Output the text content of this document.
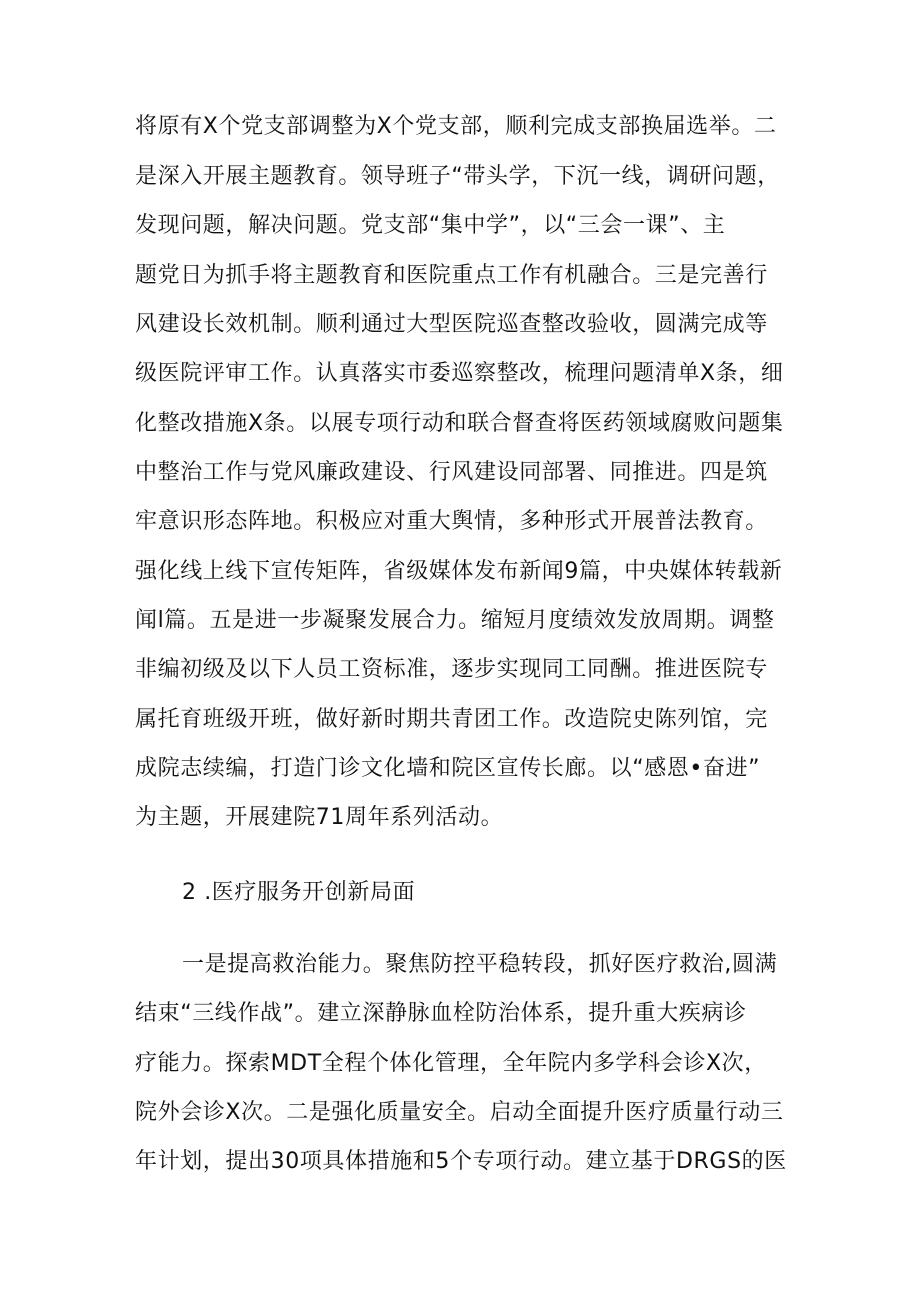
将原有X个党支部调整为X个党支部，顺利完成支部换届选举。二
是深入开展主题教育。领导班子“带头学，下沉一线，调研问题，
发现问题，解决问题。党支部“集中学”，以“三会一课”、主
题党日为抓手将主题教育和医院重点工作有机融合。三是完善行
风建设长效机制。顺利通过大型医院巡查整改验收，圆满完成等
级医院评审工作。认真落实市委巡察整改，梳理问题清单X条，细
化整改措施X条。以展专项行动和联合督查将医药领域腐败问题集
中整治工作与党风廉政建设、行风建设同部署、同推进。四是筑
牢意识形态阵地。积极应对重大舆情，多种形式开展普法教育。
强化线上线下宣传矩阵，省级媒体发布新闻9篇，中央媒体转载新
闻l篇。五是进一步凝聚发展合力。缩短月度绩效发放周期。调整
非编初级及以下人员工资标准，逐步实现同工同酬。推进医院专
属托育班级开班，做好新时期共青团工作。改造院史陈列馆，完
成院志续编，打造门诊文化墙和院区宣传长廊。以“感恩•奋进”
为主题，开展建院71周年系列活动。
2 .医疗服务开创新局面
一是提高救治能力。聚焦防控平稳转段，抓好医疗救治,圆满
结束“三线作战”。建立深静脉血栓防治体系，提升重大疾病诊
疗能力。探索MDT全程个体化管理，全年院内多学科会诊X次，
院外会诊X次。二是强化质量安全。启动全面提升医疗质量行动三
年计划，提出30项具体措施和5个专项行动。建立基于DRGS的医
